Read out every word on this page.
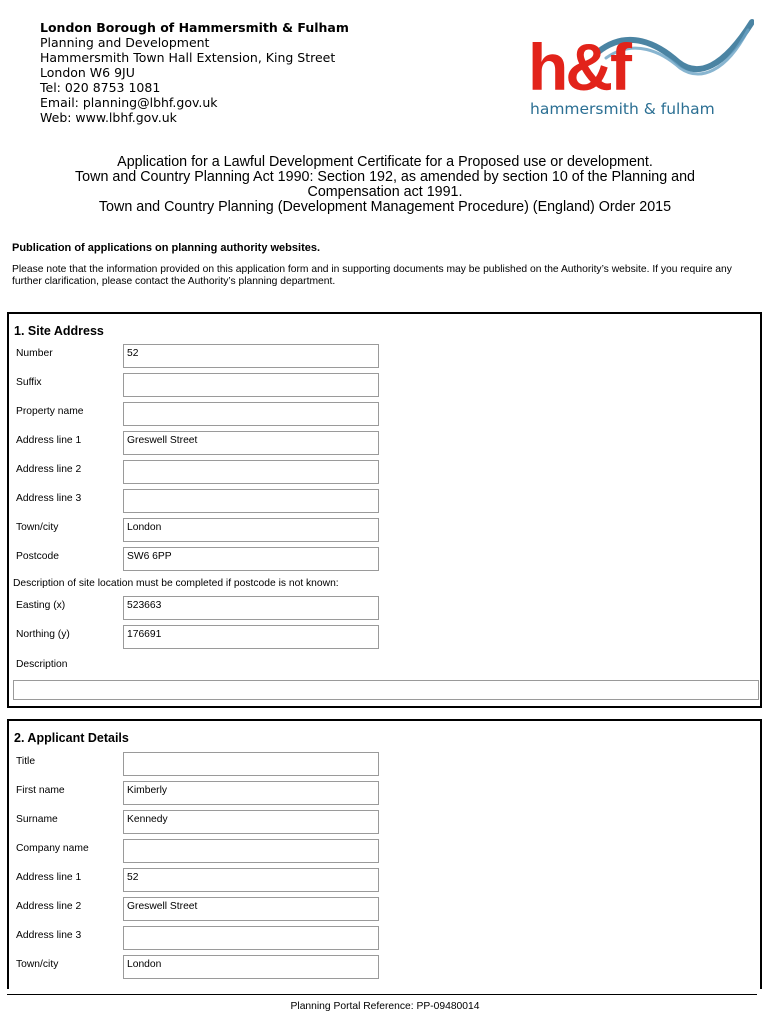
London Borough of Hammersmith & Fulham
Planning and Development
Hammersmith Town Hall Extension, King Street
London W6 9JU
Tel: 020 8753 1081
Email: planning@lbhf.gov.uk
Web: www.lbhf.gov.uk
h&f
hammersmith & fulham
Application for a Lawful Development Certificate for a Proposed use or development.
Town and Country Planning Act 1990: Section 192, as amended by section 10 of the Planning and
Compensation act 1991.
Town and Country Planning (Development Management Procedure) (England) Order 2015
Publication of applications on planning authority websites.
Please note that the information provided on this application form and in supporting documents may be published on the Authority’s website. If you require any further clarification, please contact the Authority’s planning department.
1. Site Address
Number	52
Suffix
Property name
Address line 1	Greswell Street
Address line 2
Address line 3
Town/city	London
Postcode	SW6 6PP
Description of site location must be completed if postcode is not known:
Easting (x)	523663
Northing (y)	176691
Description
2. Applicant Details
Title
First name	Kimberly
Surname	Kennedy
Company name
Address line 1	52
Address line 2	Greswell Street
Address line 3
Town/city	London
Planning Portal Reference: PP-09480014
